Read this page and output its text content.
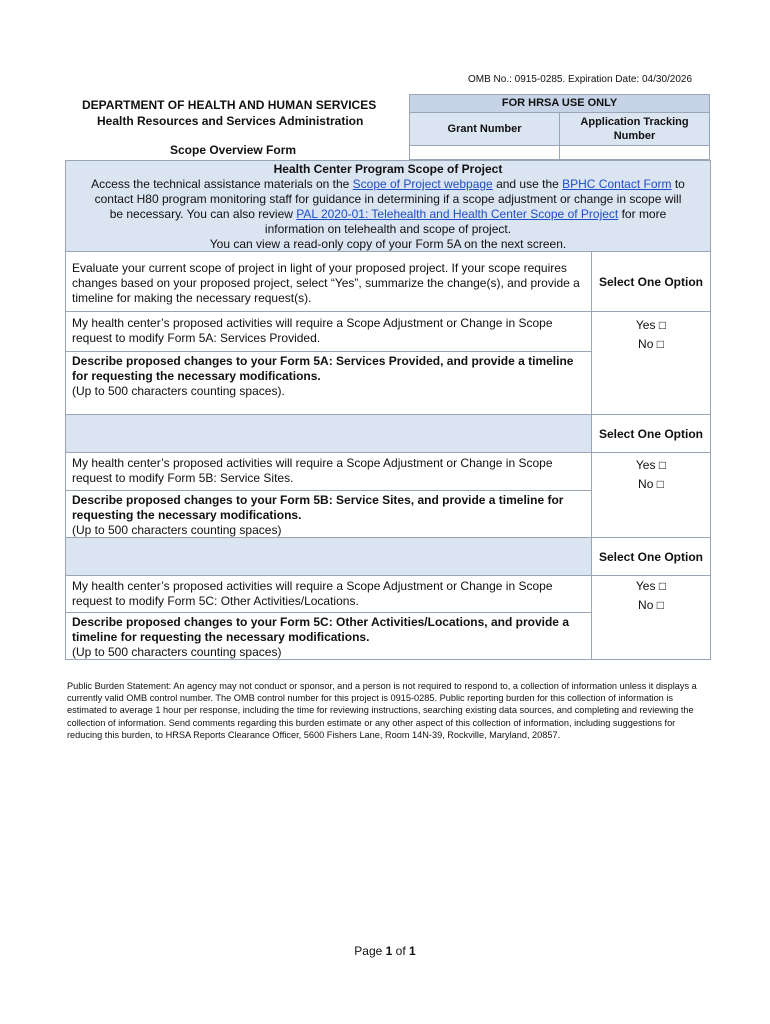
OMB No.: 0915-0285. Expiration Date: 04/30/2026
DEPARTMENT OF HEALTH AND HUMAN SERVICES
Health Resources and Services Administration
Scope Overview Form
FOR HRSA USE ONLY
Grant Number
Application Tracking
Number
Health Center Program Scope of Project
Access the technical assistance materials on the Scope of Project webpage and use the BPHC Contact Form to
contact H80 program monitoring staff for guidance in determining if a scope adjustment or change in scope will
be necessary. You can also review PAL 2020-01: Telehealth and Health Center Scope of Project for more
information on telehealth and scope of project.
You can view a read-only copy of your Form 5A on the next screen.
Evaluate your current scope of project in light of your proposed project. If your scope requires changes based on your proposed project, select “Yes”, summarize the change(s), and provide a timeline for making the necessary request(s).
Select One Option
My health center’s proposed activities will require a Scope Adjustment or Change in Scope request to modify Form 5A: Services Provided.
Yes □
No □
Describe proposed changes to your Form 5A: Services Provided, and provide a timeline for requesting the necessary modifications.
(Up to 500 characters counting spaces).
Select One Option
My health center’s proposed activities will require a Scope Adjustment or Change in Scope request to modify Form 5B: Service Sites.
Yes □
No □
Describe proposed changes to your Form 5B: Service Sites, and provide a timeline for requesting the necessary modifications.
(Up to 500 characters counting spaces)
Select One Option
My health center’s proposed activities will require a Scope Adjustment or Change in Scope request to modify Form 5C: Other Activities/Locations.
Yes □
No □
Describe proposed changes to your Form 5C: Other Activities/Locations, and provide a timeline for requesting the necessary modifications.
(Up to 500 characters counting spaces)
Public Burden Statement: An agency may not conduct or sponsor, and a person is not required to respond to, a collection of information unless it displays a currently valid OMB control number. The OMB control number for this project is 0915-0285. Public reporting burden for this collection of information is estimated to average 1 hour per response, including the time for reviewing instructions, searching existing data sources, and completing and reviewing the collection of information. Send comments regarding this burden estimate or any other aspect of this collection of information, including suggestions for reducing this burden, to HRSA Reports Clearance Officer, 5600 Fishers Lane, Room 14N-39, Rockville, Maryland, 20857.
Page 1 of 1
